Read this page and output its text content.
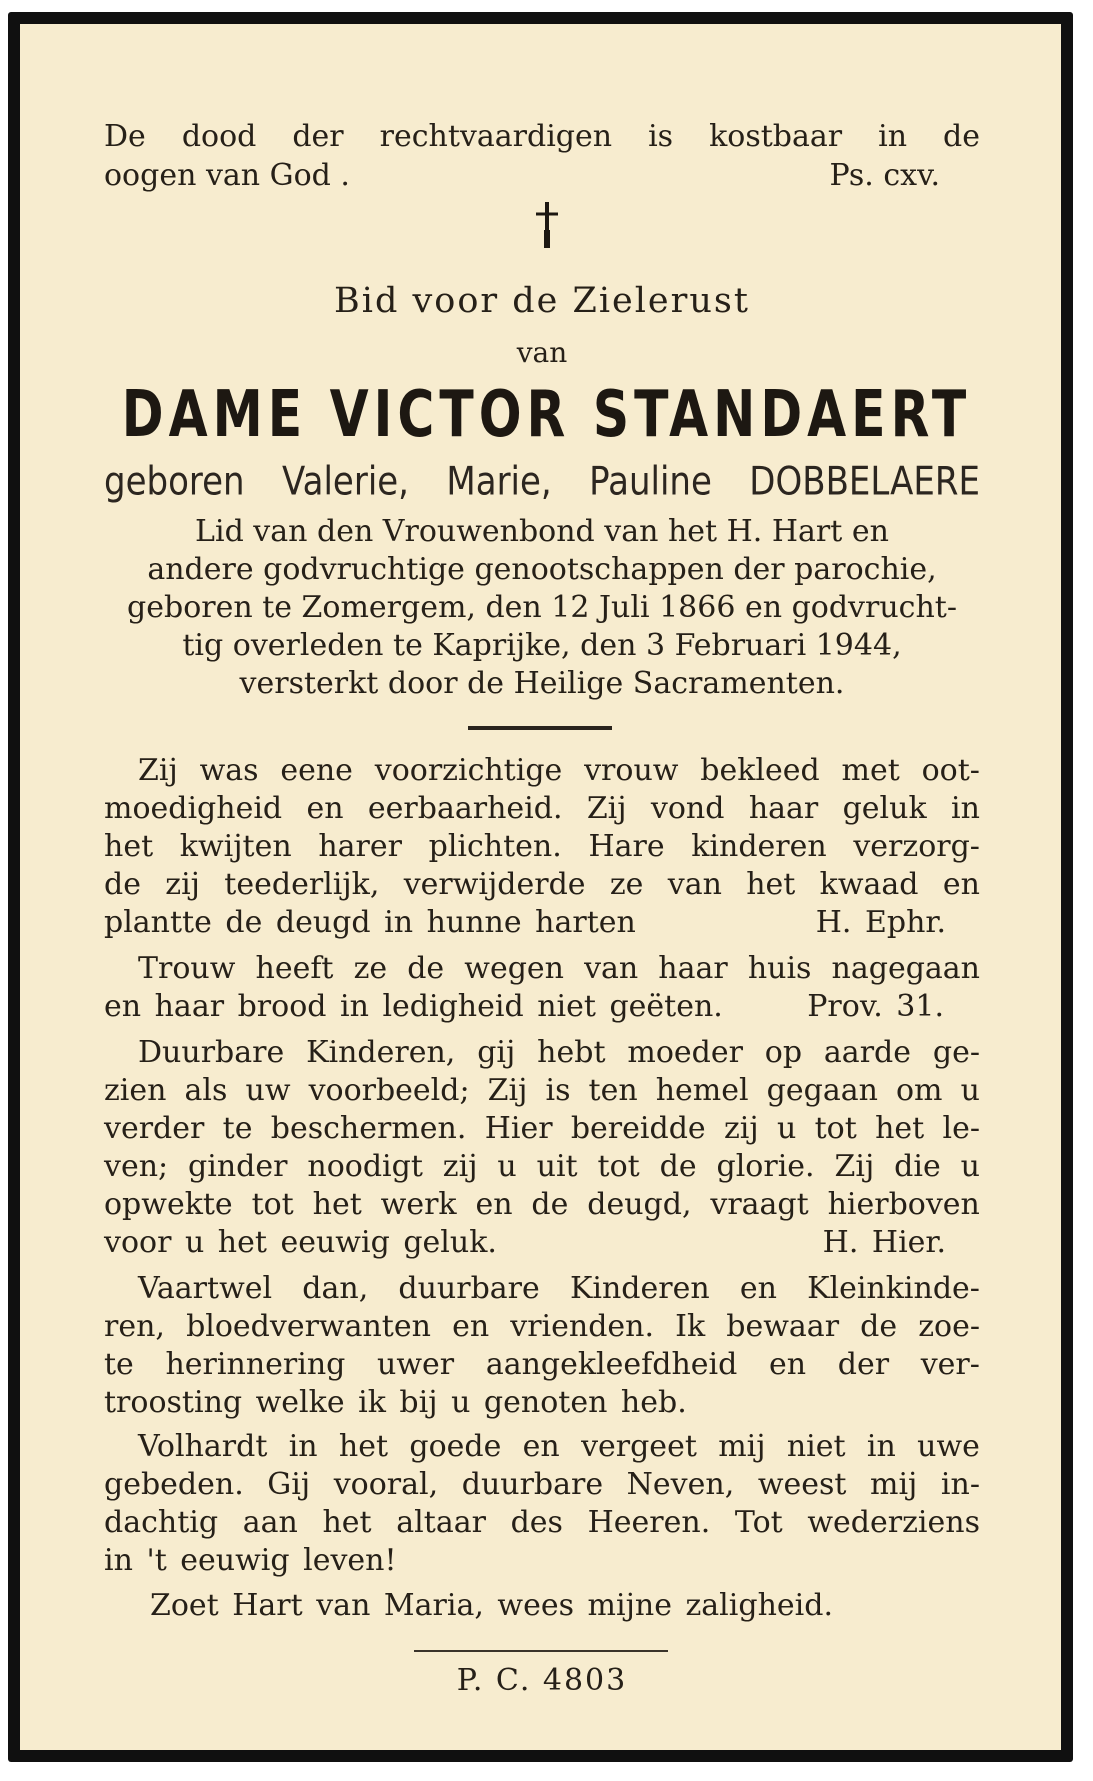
De dood der rechtvaardigen is kostbaar in de
oogen van God .	Ps. cxv.
Bid voor de Zielerust
van
DAME VICTOR STANDAERT
geboren Valerie, Marie, Pauline DOBBELAERE
Lid van den Vrouwenbond van het H. Hart en
andere godvruchtige genootschappen der parochie,
geboren te Zomergem, den 12 Juli 1866 en godvrucht-
tig overleden te Kaprijke, den 3 Februari 1944,
versterkt door de Heilige Sacramenten.
Zij was eene voorzichtige vrouw bekleed met oot-
moedigheid en eerbaarheid. Zij vond haar geluk in
het kwijten harer plichten. Hare kinderen verzorg-
de zij teederlijk, verwijderde ze van het kwaad en
plantte de deugd in hunne harten	H. Ephr.
Trouw heeft ze de wegen van haar huis nagegaan
en haar brood in ledigheid niet geëten.	Prov. 31.
Duurbare Kinderen, gij hebt moeder op aarde ge-
zien als uw voorbeeld; Zij is ten hemel gegaan om u
verder te beschermen. Hier bereidde zij u tot het le-
ven; ginder noodigt zij u uit tot de glorie. Zij die u
opwekte tot het werk en de deugd, vraagt hierboven
voor u het eeuwig geluk.	H. Hier.
Vaartwel dan, duurbare Kinderen en Kleinkinde-
ren, bloedverwanten en vrienden. Ik bewaar de zoe-
te herinnering uwer aangekleefdheid en der ver-
troosting welke ik bij u genoten heb.
Volhardt in het goede en vergeet mij niet in uwe
gebeden. Gij vooral, duurbare Neven, weest mij in-
dachtig aan het altaar des Heeren. Tot wederziens
in 't eeuwig leven!
Zoet Hart van Maria, wees mijne zaligheid.
P. C. 4803
